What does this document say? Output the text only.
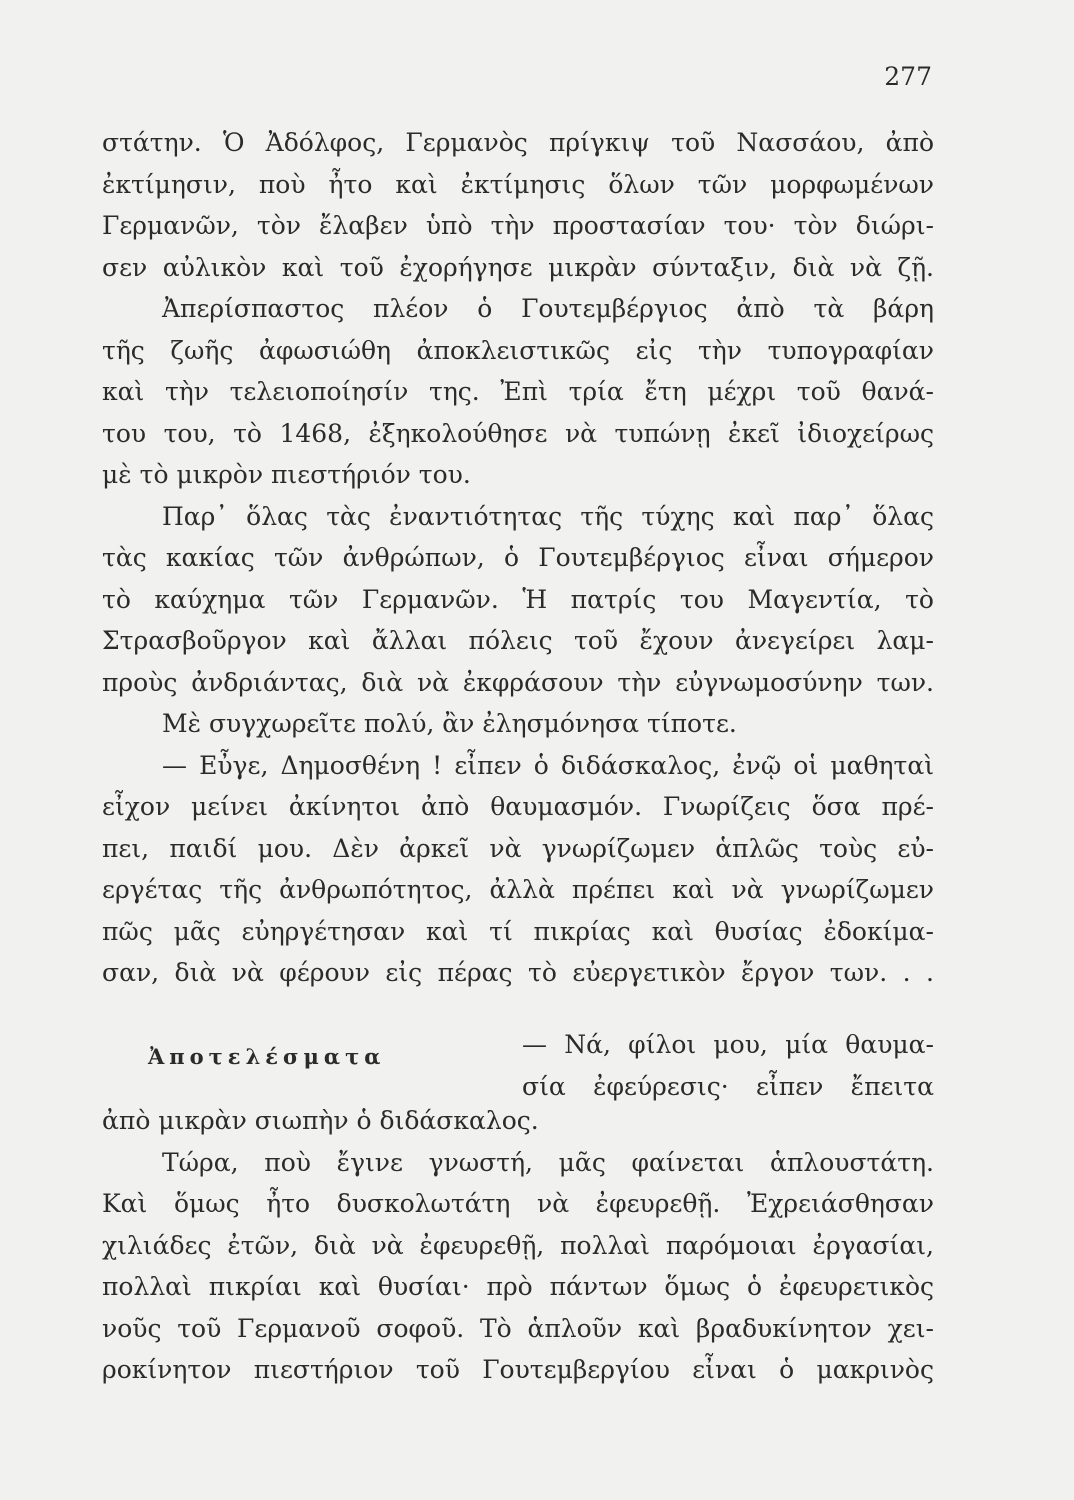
277
στάτην. Ὁ Ἀδόλφος, Γερμανὸς πρίγκιψ τοῦ Νασσάου, ἀπὸ
ἐκτίμησιν, ποὺ ἦτο καὶ ἐκτίμησις ὅλων τῶν μορφωμένων
Γερμανῶν, τὸν ἔλαβεν ὑπὸ τὴν προστασίαν του· τὸν διώρι-
σεν αὐλικὸν καὶ τοῦ ἐχορήγησε μικρὰν σύνταξιν, διὰ νὰ ζῇ.
Ἀπερίσπαστος πλέον ὁ Γουτεμβέργιος ἀπὸ τὰ βάρη
τῆς ζωῆς ἀφωσιώθη ἀποκλειστικῶς εἰς τὴν τυπογραφίαν
καὶ τὴν τελειοποίησίν της. Ἐπὶ τρία ἔτη μέχρι τοῦ θανά-
του του, τὸ 1468, ἐξηκολούθησε νὰ τυπώνῃ ἐκεῖ ἰδιοχείρως
μὲ τὸ μικρὸν πιεστήριόν του.
Παρ᾽ ὅλας τὰς ἐναντιότητας τῆς τύχης καὶ παρ᾽ ὅλας
τὰς κακίας τῶν ἀνθρώπων, ὁ Γουτεμβέργιος εἶναι σήμερον
τὸ καύχημα τῶν Γερμανῶν. Ἡ πατρίς του Μαγεντία, τὸ
Στρασβοῦργον καὶ ἄλλαι πόλεις τοῦ ἔχουν ἀνεγείρει λαμ-
προὺς ἀνδριάντας, διὰ νὰ ἐκφράσουν τὴν εὐγνωμοσύνην των.
Μὲ συγχωρεῖτε πολύ, ἂν ἐλησμόνησα τίποτε.
— Εὖγε, Δημοσθένη ! εἶπεν ὁ διδάσκαλος, ἐνῷ οἱ μαθηταὶ
εἶχον μείνει ἀκίνητοι ἀπὸ θαυμασμόν. Γνωρίζεις ὅσα πρέ-
πει, παιδί μου. Δὲν ἀρκεῖ νὰ γνωρίζωμεν ἁπλῶς τοὺς εὐ-
εργέτας τῆς ἀνθρωπότητος, ἀλλὰ πρέπει καὶ νὰ γνωρίζωμεν
πῶς μᾶς εὐηργέτησαν καὶ τί πικρίας καὶ θυσίας ἐδοκίμα-
σαν, διὰ νὰ φέρουν εἰς πέρας τὸ εὐεργετικὸν ἔργον των. . .
Ἀποτελέσματα	— Νά, φίλοι μου, μία θαυμα-
σία ἐφεύρεσις· εἶπεν ἔπειτα
ἀπὸ μικρὰν σιωπὴν ὁ διδάσκαλος.
Τώρα, ποὺ ἔγινε γνωστή, μᾶς φαίνεται ἁπλουστάτη.
Καὶ ὅμως ἦτο δυσκολωτάτη νὰ ἐφευρεθῇ. Ἐχρειάσθησαν
χιλιάδες ἐτῶν, διὰ νὰ ἐφευρεθῇ, πολλαὶ παρόμοιαι ἐργασίαι,
πολλαὶ πικρίαι καὶ θυσίαι· πρὸ πάντων ὅμως ὁ ἐφευρετικὸς
νοῦς τοῦ Γερμανοῦ σοφοῦ. Τὸ ἁπλοῦν καὶ βραδυκίνητον χει-
ροκίνητον πιεστήριον τοῦ Γουτεμβεργίου εἶναι ὁ μακρινὸς
